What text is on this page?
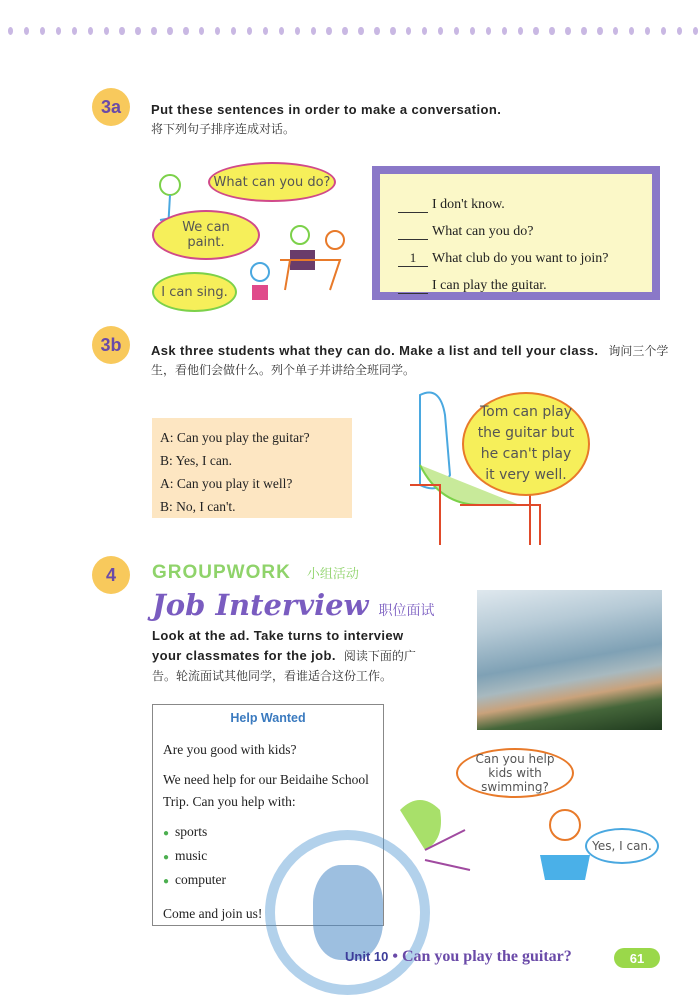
3a	Put these sentences in order to make a conversation.
将下列句子排序连成对话。
What can you do?
We can paint.
I can sing.
I don't know.
What can you do?
1	What club do you want to join?
I can play the guitar.
3b	Ask three students what they can do. Make a list and tell your class. 询问三个学生，看他们会做什么。列个单子并讲给全班同学。
A: Can you play the guitar?
B: Yes, I can.
A: Can you play it well?
B: No, I can't.
Tom can play the guitar but he can't play it very well.
4	GROUPWORK 小组活动
Job Interview 职位面试
Look at the ad. Take turns to interview your classmates for the job. 阅读下面的广告。轮流面试其他同学，看谁适合这份工作。
Help Wanted

Are you good with kids?

We need help for our Beidaihe School Trip. Can you help with:

● sports
● music
● computer

Come and join us!

Can you help kids with swimming?
Yes, I can.
Unit 10 • Can you play the guitar?	61
